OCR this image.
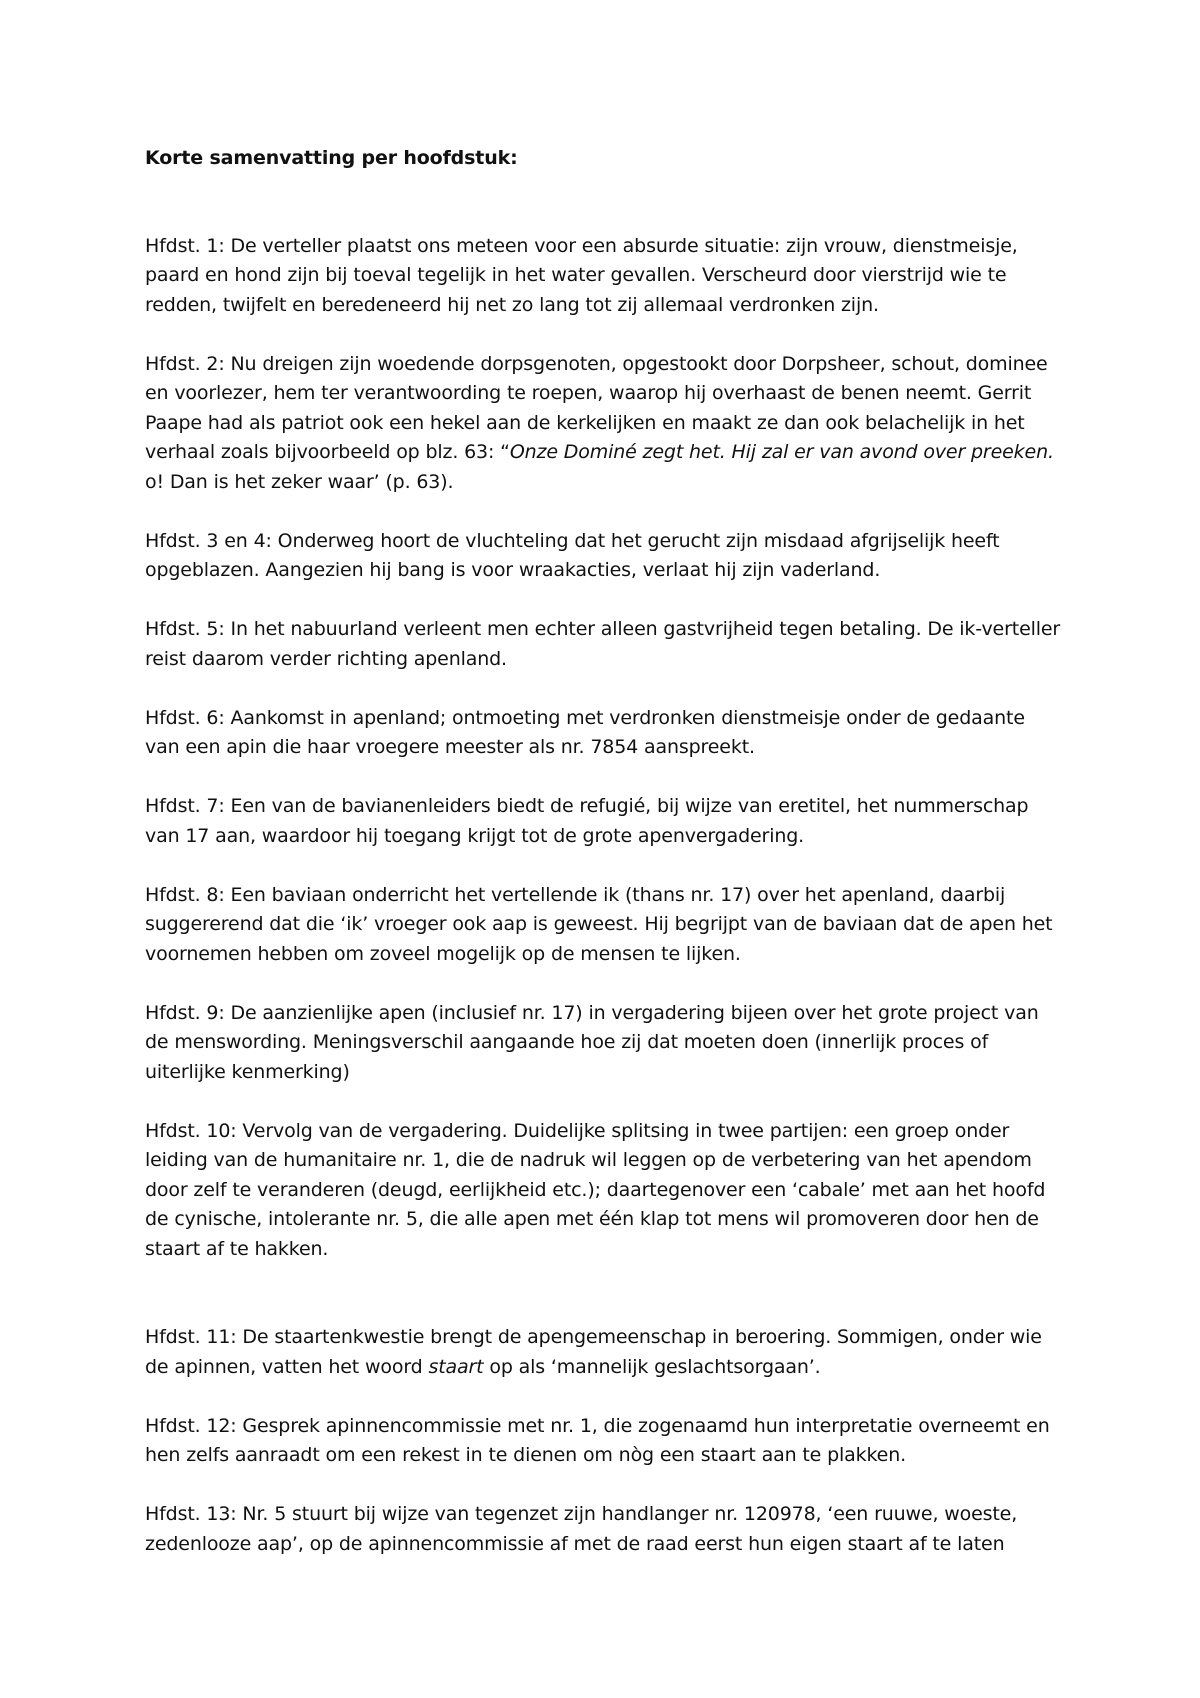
Korte samenvatting per hoofdstuk:

Hfdst. 1: De verteller plaatst ons meteen voor een absurde situatie: zijn vrouw, dienstmeisje, paard en hond zijn bij toeval tegelijk in het water gevallen. Verscheurd door vierstrijd wie te redden, twijfelt en beredeneerd hij net zo lang tot zij allemaal verdronken zijn.

Hfdst. 2: Nu dreigen zijn woedende dorpsgenoten, opgestookt door Dorpsheer, schout, dominee en voorlezer, hem ter verantwoording te roepen, waarop hij overhaast de benen neemt. Gerrit Paape had als patriot ook een hekel aan de kerkelijken en maakt ze dan ook belachelijk in het verhaal zoals bijvoorbeeld op blz. 63: “Onze Dominé zegt het. Hij zal er van avond over preeken. o! Dan is het zeker waar’ (p. 63).

Hfdst. 3 en 4: Onderweg hoort de vluchteling dat het gerucht zijn misdaad afgrijselijk heeft opgeblazen. Aangezien hij bang is voor wraakacties, verlaat hij zijn vaderland.

Hfdst. 5: In het nabuurland verleent men echter alleen gastvrijheid tegen betaling. De ik-verteller reist daarom verder richting apenland.

Hfdst. 6: Aankomst in apenland; ontmoeting met verdronken dienstmeisje onder de gedaante van een apin die haar vroegere meester als nr. 7854 aanspreekt.

Hfdst. 7: Een van de bavianenleiders biedt de refugié, bij wijze van eretitel, het nummerschap van 17 aan, waardoor hij toegang krijgt tot de grote apenvergadering.

Hfdst. 8: Een baviaan onderricht het vertellende ik (thans nr. 17) over het apenland, daarbij suggererend dat die ‘ik’ vroeger ook aap is geweest. Hij begrijpt van de baviaan dat de apen het voornemen hebben om zoveel mogelijk op de mensen te lijken.

Hfdst. 9: De aanzienlijke apen (inclusief nr. 17) in vergadering bijeen over het grote project van de menswording. Meningsverschil aangaande hoe zij dat moeten doen (innerlijk proces of uiterlijke kenmerking)

Hfdst. 10: Vervolg van de vergadering. Duidelijke splitsing in twee partijen: een groep onder leiding van de humanitaire nr. 1, die de nadruk wil leggen op de verbetering van het apendom door zelf te veranderen (deugd, eerlijkheid etc.); daartegenover een ‘cabale’ met aan het hoofd de cynische, intolerante nr. 5, die alle apen met één klap tot mens wil promoveren door hen de staart af te hakken.

Hfdst. 11: De staartenkwestie brengt de apengemeenschap in beroering. Sommigen, onder wie de apinnen, vatten het woord staart op als ‘mannelijk geslachtsorgaan’.

Hfdst. 12: Gesprek apinnencommissie met nr. 1, die zogenaamd hun interpretatie overneemt en hen zelfs aanraadt om een rekest in te dienen om nòg een staart aan te plakken.

Hfdst. 13: Nr. 5 stuurt bij wijze van tegenzet zijn handlanger nr. 120978, ‘een ruuwe, woeste, zedenlooze aap’, op de apinnencommissie af met de raad eerst hun eigen staart af te laten
